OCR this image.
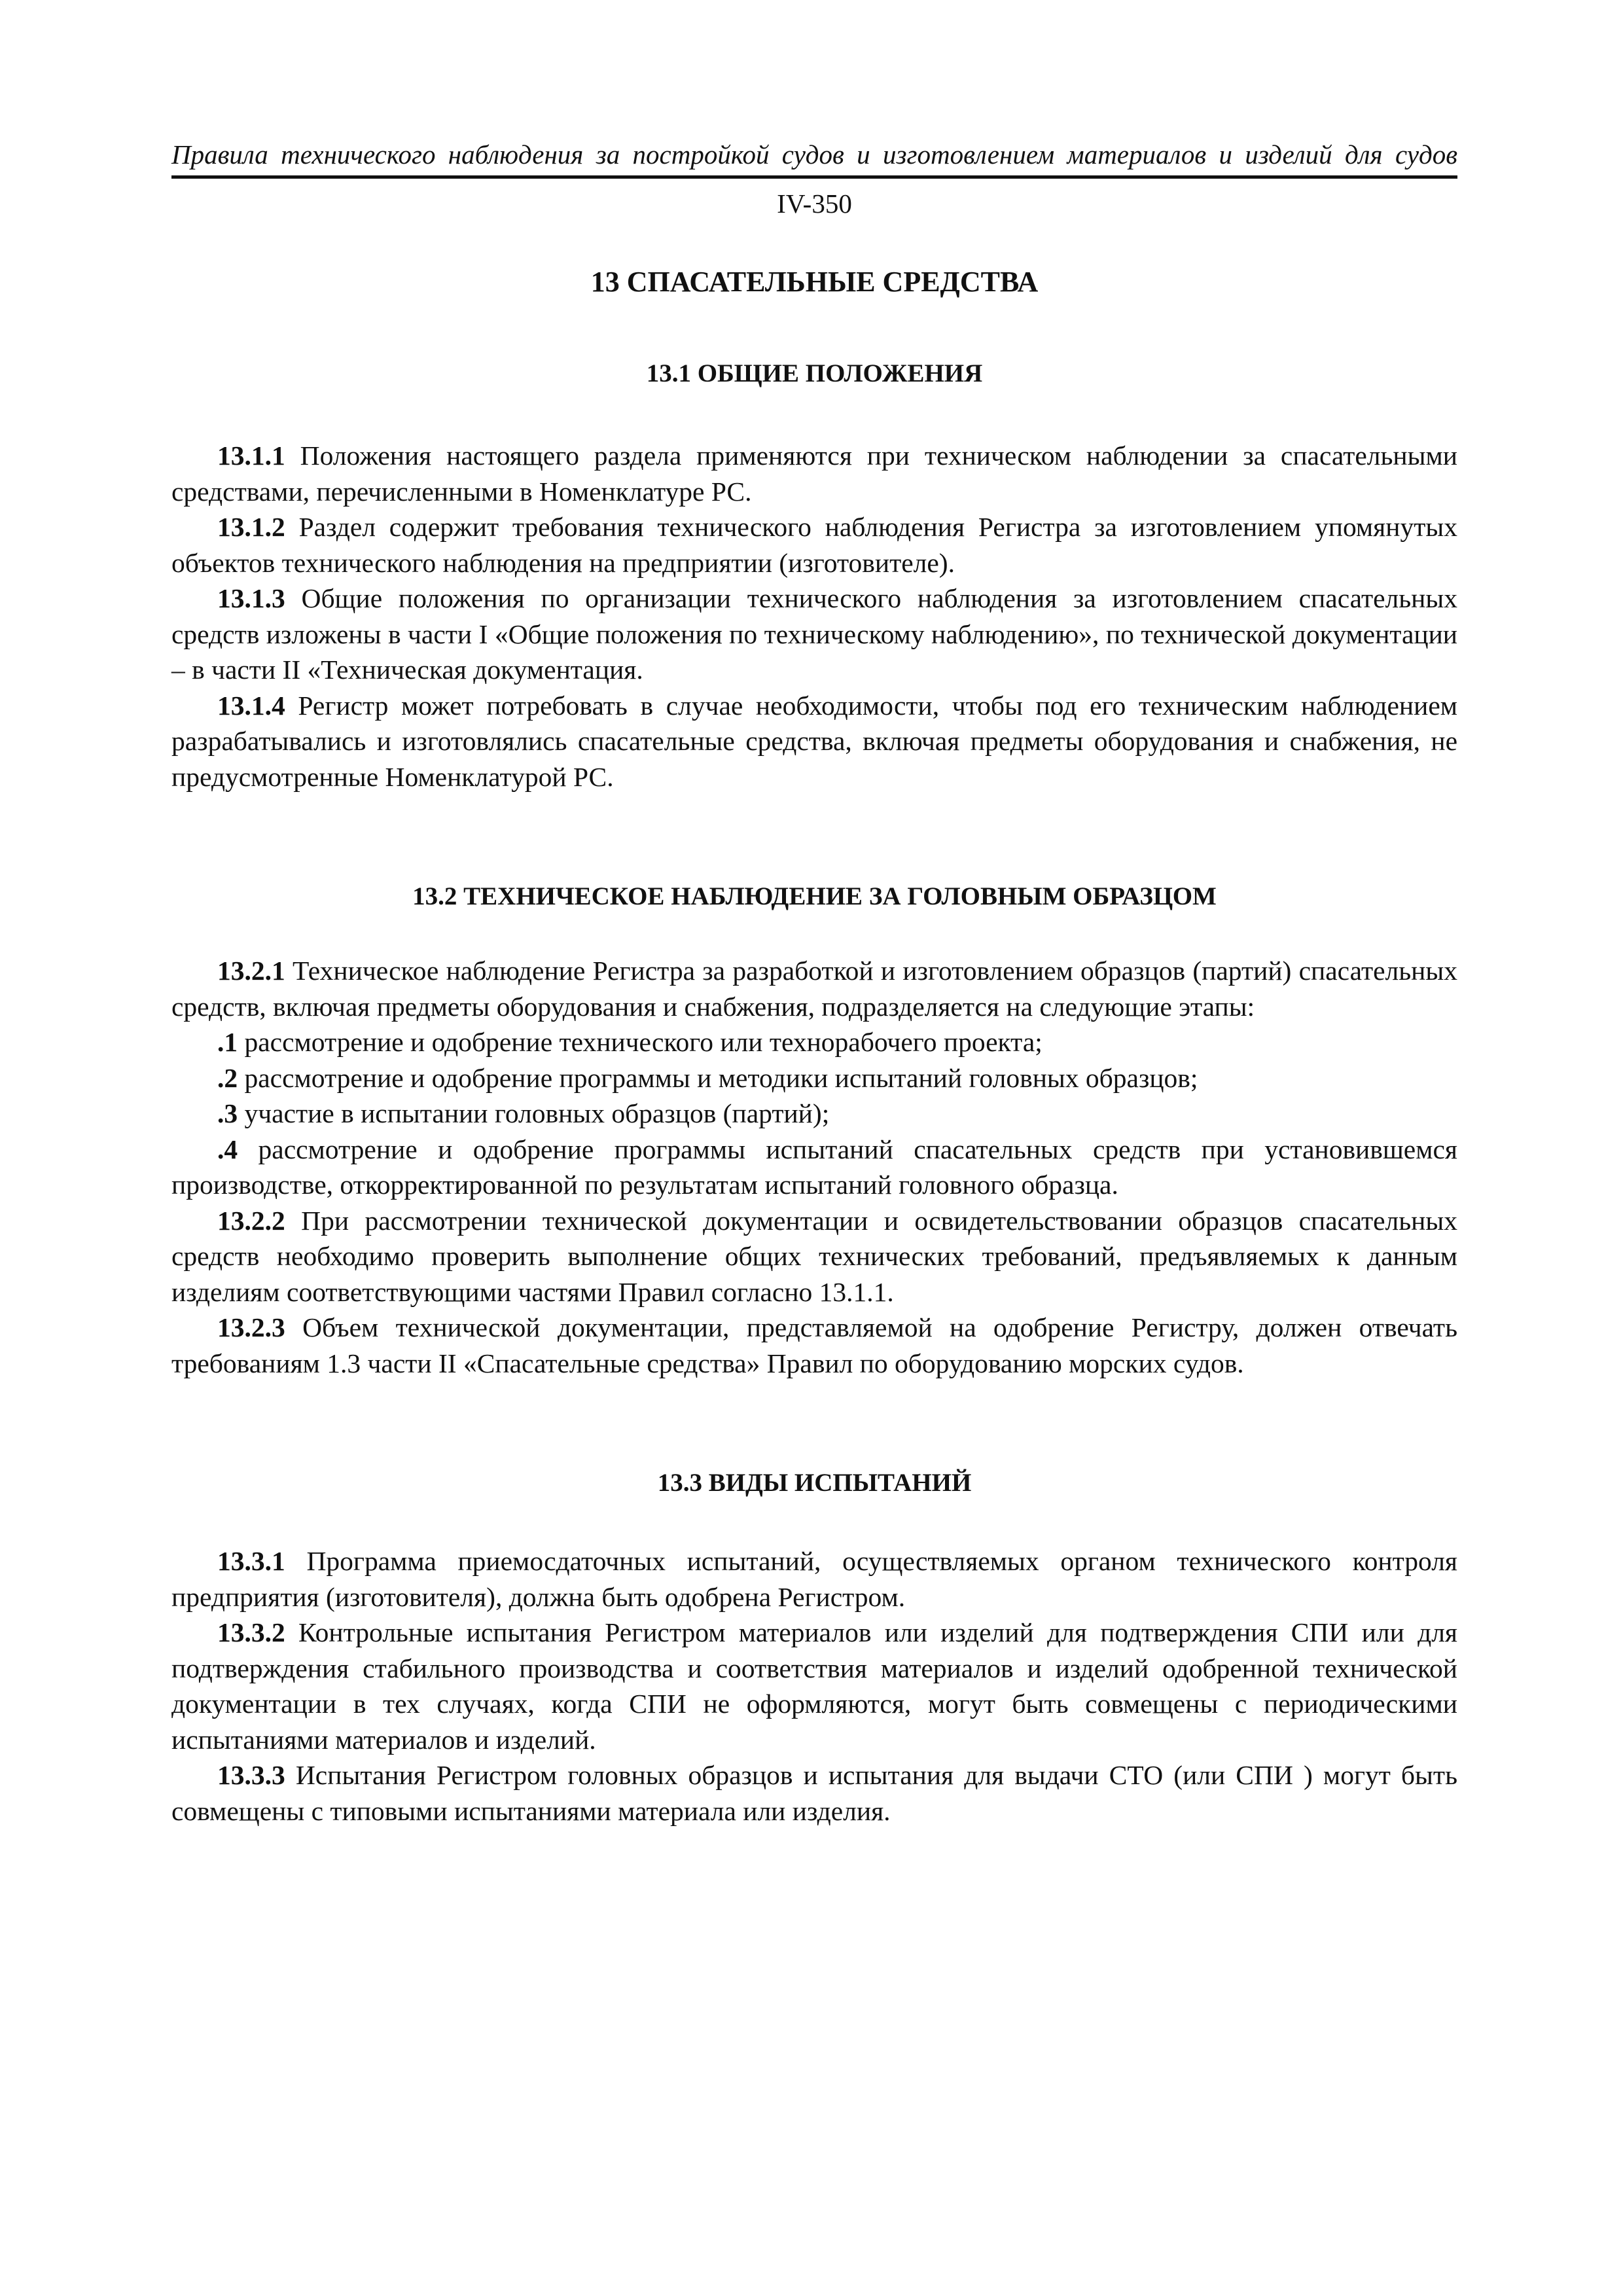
Правила технического наблюдения за постройкой судов и изготовлением материалов и изделий для судов
IV-350
13 СПАСАТЕЛЬНЫЕ СРЕДСТВА
13.1 ОБЩИЕ ПОЛОЖЕНИЯ

13.1.1 Положения настоящего раздела применяются при техническом наблюдении за спасательными средствами, перечисленными в Номенклатуре РС.

13.1.2 Раздел содержит требования технического наблюдения Регистра за изготовлением упомянутых объектов технического наблюдения на предприятии (изготовителе).

13.1.3 Общие положения по организации технического наблюдения за изготовлением спасательных средств изложены в части I «Общие положения по техническому наблюдению», по технической документации – в части II «Техническая документация.

13.1.4 Регистр может потребовать в случае необходимости, чтобы под его техническим наблюдением разрабатывались и изготовлялись спасательные средства, включая предметы оборудования и снабжения, не предусмотренные Номенклатурой РС.

13.2 ТЕХНИЧЕСКОЕ НАБЛЮДЕНИЕ ЗА ГОЛОВНЫМ ОБРАЗЦОМ

13.2.1 Техническое наблюдение Регистра за разработкой и изготовлением образцов (партий) спасательных средств, включая предметы оборудования и снабжения, подразделяется на следующие этапы:

.1 рассмотрение и одобрение технического или технорабочего проекта;

.2 рассмотрение и одобрение программы и методики испытаний головных образцов;

.3 участие в испытании головных образцов (партий);

.4 рассмотрение и одобрение программы испытаний спасательных средств при установившемся производстве, откорректированной по результатам испытаний головного образца.

13.2.2 При рассмотрении технической документации и освидетельствовании образцов спасательных средств необходимо проверить выполнение общих технических требований, предъявляемых к данным изделиям соответствующими частями Правил согласно 13.1.1.

13.2.3 Объем технической документации, представляемой на одобрение Регистру, должен отвечать требованиям 1.3 части II «Спасательные средства» Правил по оборудованию морских судов.

13.3 ВИДЫ ИСПЫТАНИЙ

13.3.1 Программа приемосдаточных испытаний, осуществляемых органом технического контроля предприятия (изготовителя), должна быть одобрена Регистром.

13.3.2 Контрольные испытания Регистром материалов или изделий для подтверждения СПИ или для подтверждения стабильного производства и соответствия материалов и изделий одобренной технической документации в тех случаях, когда СПИ не оформляются, могут быть совмещены с периодическими испытаниями материалов и изделий.

13.3.3 Испытания Регистром головных образцов и испытания для выдачи СТО (или СПИ ) могут быть совмещены с типовыми испытаниями материала или изделия.
